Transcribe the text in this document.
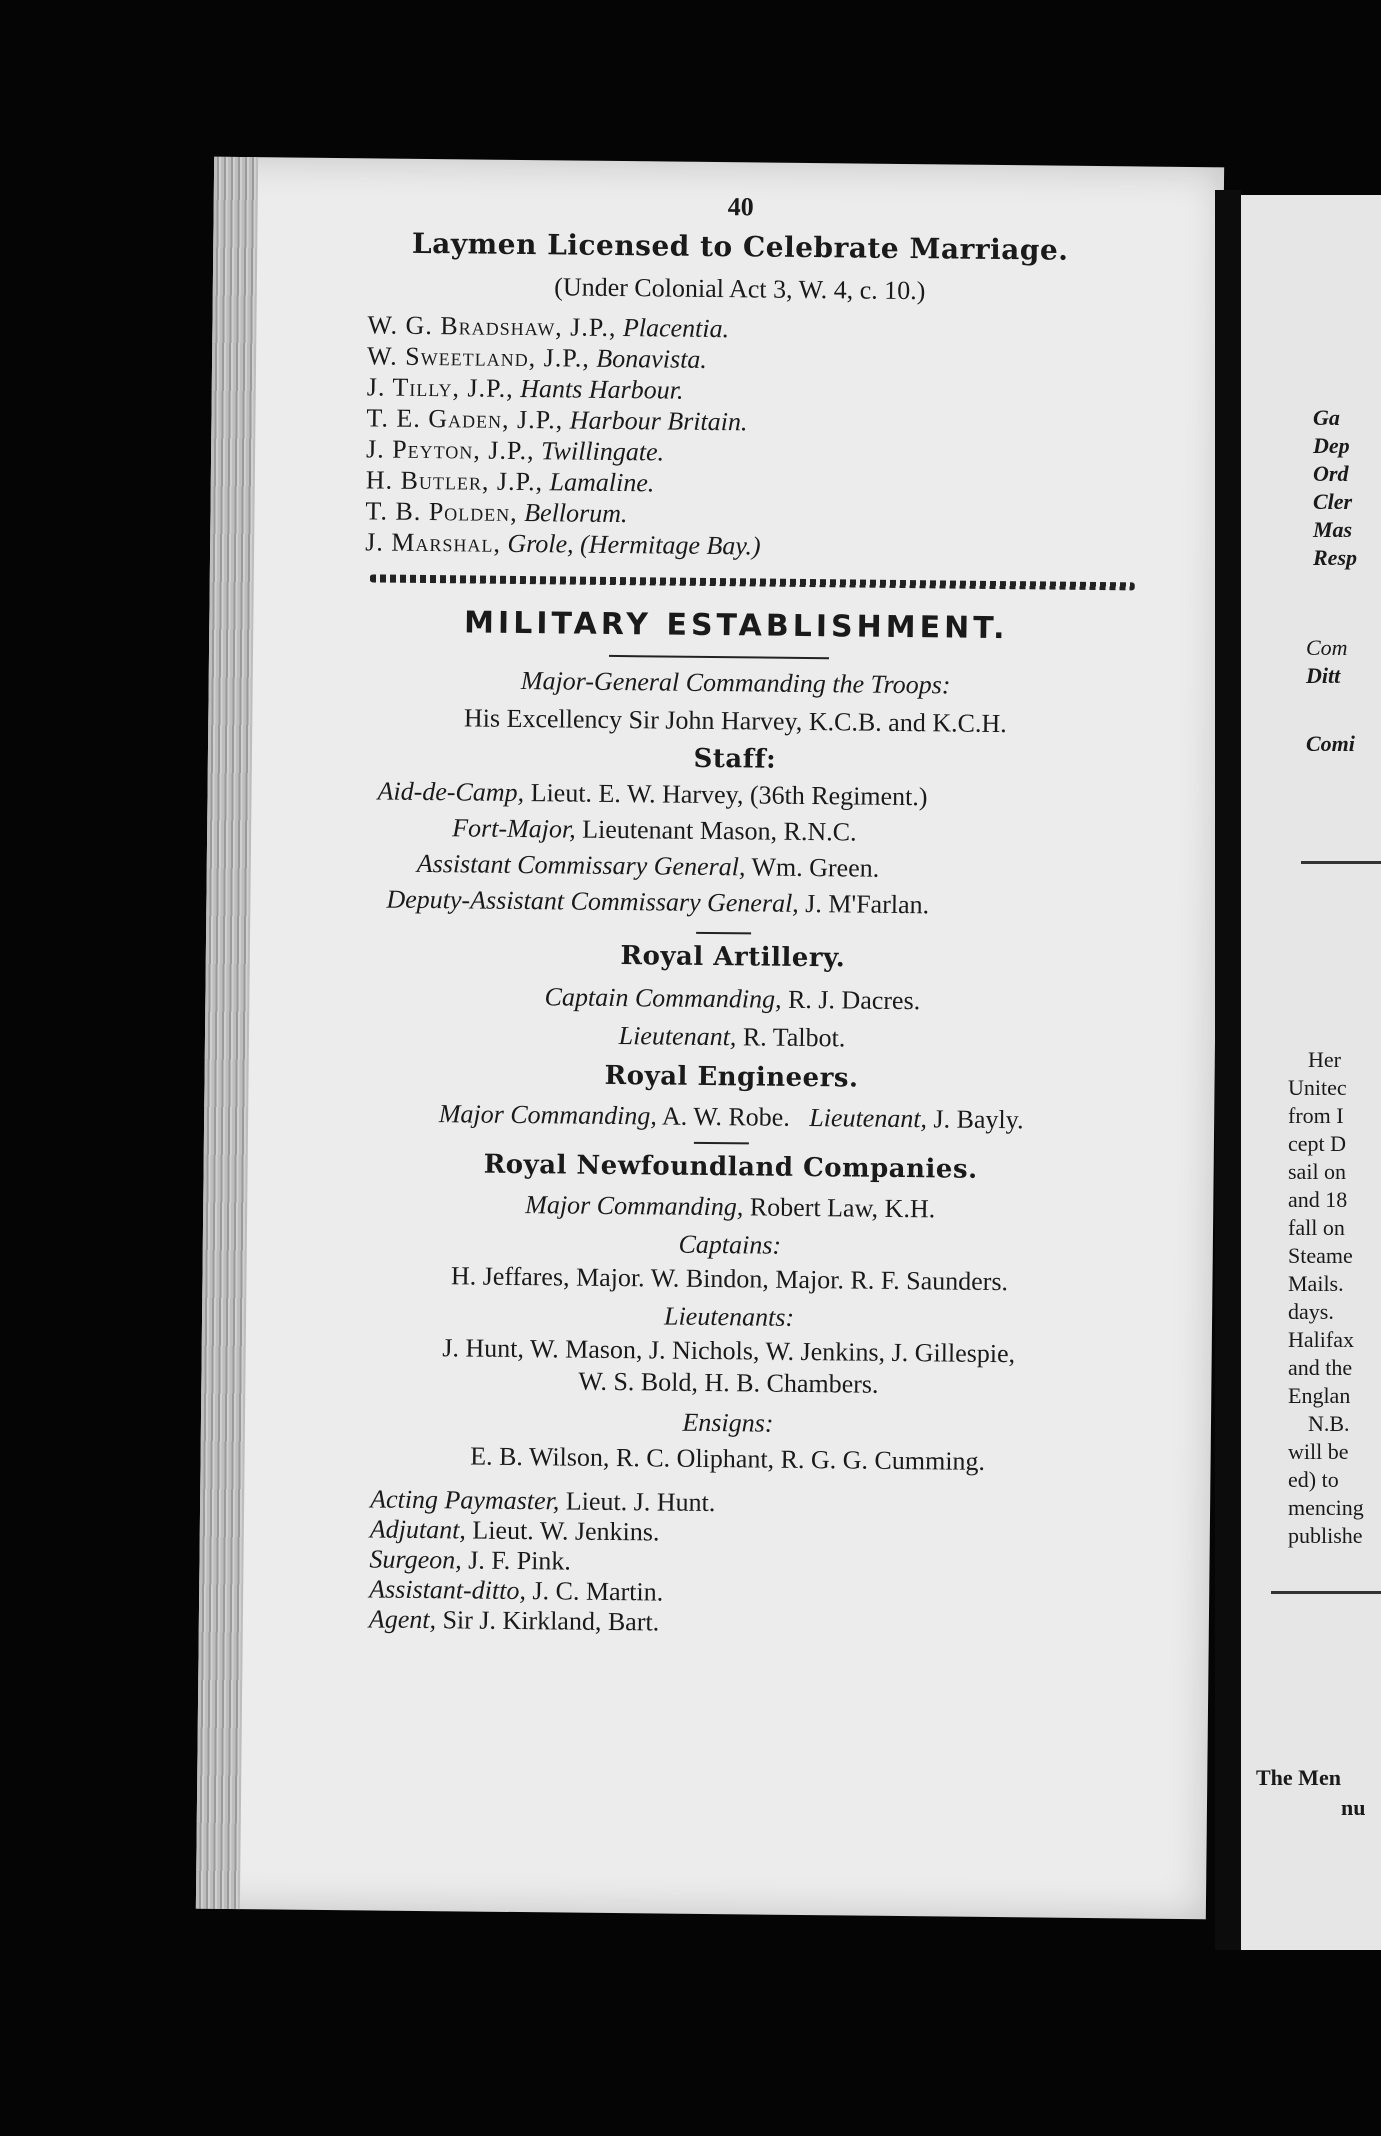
40
Laymen Licensed to Celebrate Marriage.
(Under Colonial Act 3, W. 4, c. 10.)
W. G. Bradshaw, J.P., Placentia.
W. Sweetland, J.P., Bonavista.
J. Tilly, J.P., Hants Harbour.
T. E. Gaden, J.P., Harbour Britain.
J. Peyton, J.P., Twillingate.
H. Butler, J.P., Lamaline.
T. B. Polden, Bellorum.
J. Marshal, Grole, (Hermitage Bay.)
MILITARY ESTABLISHMENT.
Major-General Commanding the Troops:
His Excellency Sir John Harvey, K.C.B. and K.C.H.
Staff:
Aid-de-Camp, Lieut. E. W. Harvey, (36th Regiment.)
Fort-Major, Lieutenant Mason, R.N.C.
Assistant Commissary General, Wm. Green.
Deputy-Assistant Commissary General, J. M'Farlan.
Royal Artillery.
Captain Commanding, R. J. Dacres.
Lieutenant, R. Talbot.
Royal Engineers.
Major Commanding, A. W. Robe. Lieutenant, J. Bayly.
Royal Newfoundland Companies.
Major Commanding, Robert Law, K.H.
Captains:
H. Jeffares, Major. W. Bindon, Major. R. F. Saunders.
Lieutenants:
J. Hunt, W. Mason, J. Nichols, W. Jenkins, J. Gillespie,
W. S. Bold, H. B. Chambers.
Ensigns:
E. B. Wilson, R. C. Oliphant, R. G. G. Cumming.
Acting Paymaster, Lieut. J. Hunt.
Adjutant, Lieut. W. Jenkins.
Surgeon, J. F. Pink.
Assistant-ditto, J. C. Martin.
Agent, Sir J. Kirkland, Bart.
Ga
Dep
Ord
Cler
Mas
Resp
Com
Ditt
Comi
Her
Unitec
from I
cept D
sail on
and 18
fall on
Steame
Mails.
days.
Halifax
and the
Englan
N.B.
will be
ed) to
mencing
publishe
The Men
nu
